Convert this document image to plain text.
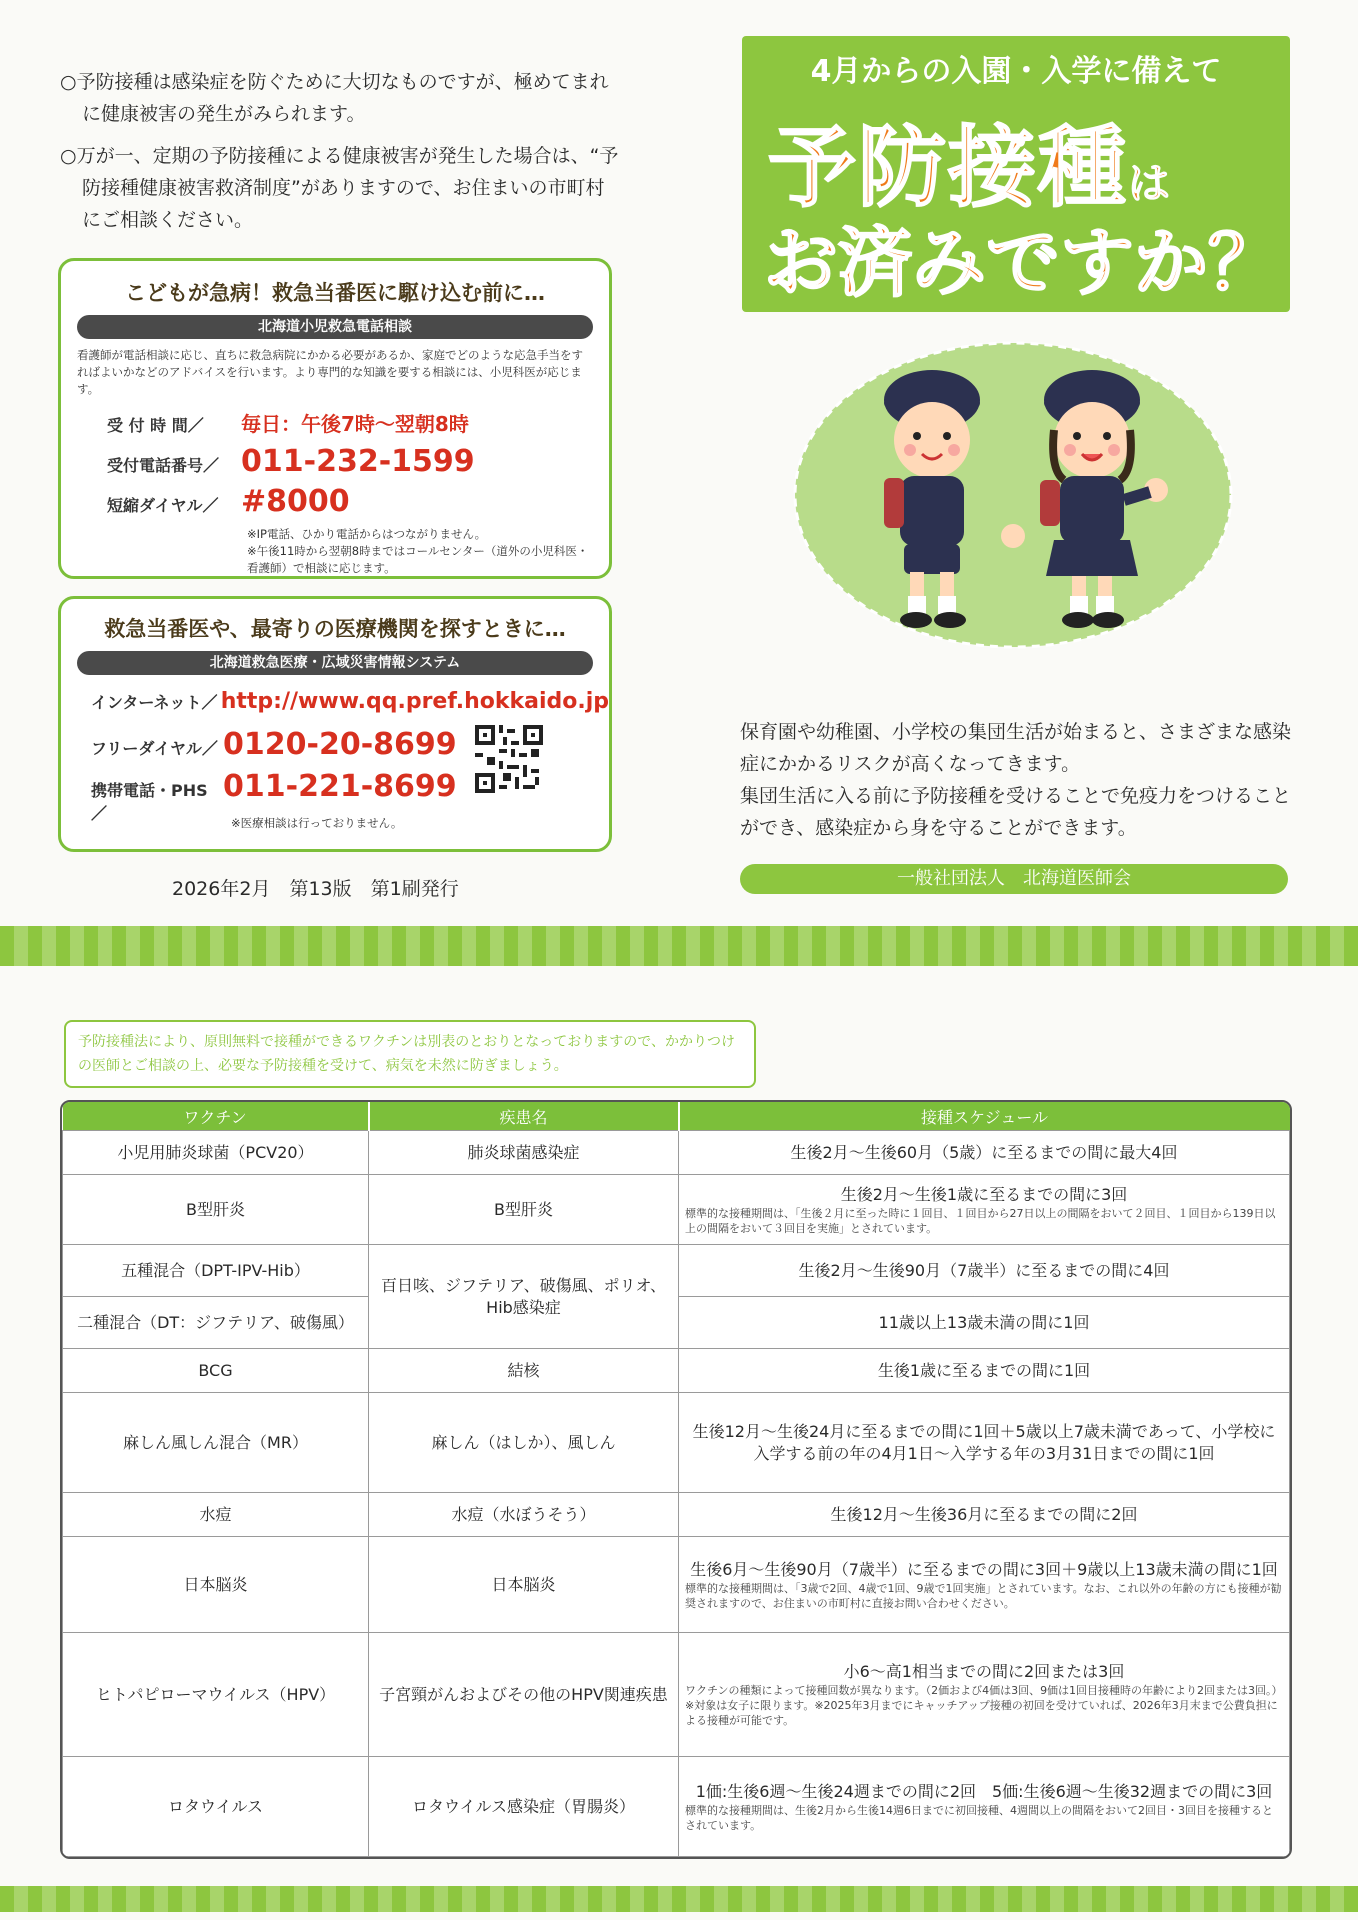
○予防接種は感染症を防ぐために大切なものですが、極めてまれに健康被害の発生がみられます。

○万が一、定期の予防接種による健康被害が発生した場合は、“予防接種健康被害救済制度”がありますので、お住まいの市町村にご相談ください。

こどもが急病！救急当番医に駆け込む前に…
北海道小児救急電話相談
看護師が電話相談に応じ、直ちに救急病院にかかる必要があるか、家庭でどのような応急手当をすればよいかなどのアドバイスを行います。より専門的な知識を要する相談には、小児科医が応じます。
受 付 時 間／	毎日：午後7時～翌朝8時
受付電話番号／ 011-232-1599
短縮ダイヤル／ #8000
※IP電話、ひかり電話からはつながりません。
※午後11時から翌朝8時まではコールセンター（道外の小児科医・看護師）で相談に応じます。
救急当番医や、最寄りの医療機関を探すときに…
北海道救急医療・広域災害情報システム
インターネット／ http://www.qq.pref.hokkaido.jp
フリーダイヤル／ 0120-20-8699
携帯電話・PHS／
011-221-8699
※医療相談は行っておりません。
2026年2月　第13版　第1刷発行
4月からの入園・入学に備えて
予防接種は
お済みですか？
保育園や幼稚園、小学校の集団生活が始まると、さまざまな感染症にかかるリスクが高くなってきます。
集団生活に入る前に予防接種を受けることで免疫力をつけることができ、感染症から身を守ることができます。
一般社団法人　北海道医師会
予防接種法により、原則無料で接種ができるワクチンは別表のとおりとなっておりますので、かかりつけの医師とご相談の上、必要な予防接種を受けて、病気を未然に防ぎましょう。
ワクチン	疾患名	接種スケジュール
小児用肺炎球菌（PCV20）	肺炎球菌感染症	生後2月～生後60月（5歳）に至るまでの間に最大4回
B型肝炎	B型肝炎	生後2月～生後1歳に至るまでの間に3回
標準的な接種期間は、「生後２月に至った時に１回目、１回目から27日以上の間隔をおいて２回目、１回目から139日以上の間隔をおいて３回目を実施」とされています。

五種混合（DPT-IPV-Hib）	百日咳、ジフテリア、破傷風、ポリオ、Hib感染症	生後2月～生後90月（7歳半）に至るまでの間に4回
二種混合（DT：ジフテリア、破傷風）		11歳以上13歳未満の間に1回
BCG	結核	生後1歳に至るまでの間に1回
麻しん風しん混合（MR）	麻しん（はしか）、風しん	生後12月～生後24月に至るまでの間に1回＋5歳以上7歳未満であって、小学校に入学する前の年の4月1日～入学する年の3月31日までの間に1回
水痘	水痘（水ぼうそう）	生後12月～生後36月に至るまでの間に2回
日本脳炎	日本脳炎	生後6月～生後90月（7歳半）に至るまでの間に3回＋9歳以上13歳未満の間に1回
標準的な接種期間は、「3歳で2回、4歳で1回、9歳で1回実施」とされています。なお、これ以外の年齢の方にも接種が勧奨されますので、お住まいの市町村に直接お問い合わせください。

ヒトパピローマウイルス（HPV）	子宮頸がんおよびその他のHPV関連疾患	小6～高1相当までの間に2回または3回
ワクチンの種類によって接種回数が異なります。（2価および4価は3回、9価は1回目接種時の年齢により2回または3回。）※対象は女子に限ります。※2025年3月までにキャッチアップ接種の初回を受けていれば、2026年3月末まで公費負担による接種が可能です。

ロタウイルス	ロタウイルス感染症（胃腸炎）	1価:生後6週～生後24週までの間に2回　5価:生後6週～生後32週までの間に3回
標準的な接種期間は、生後2月から生後14週6日までに初回接種、4週間以上の間隔をおいて2回目・3回目を接種するとされています。
